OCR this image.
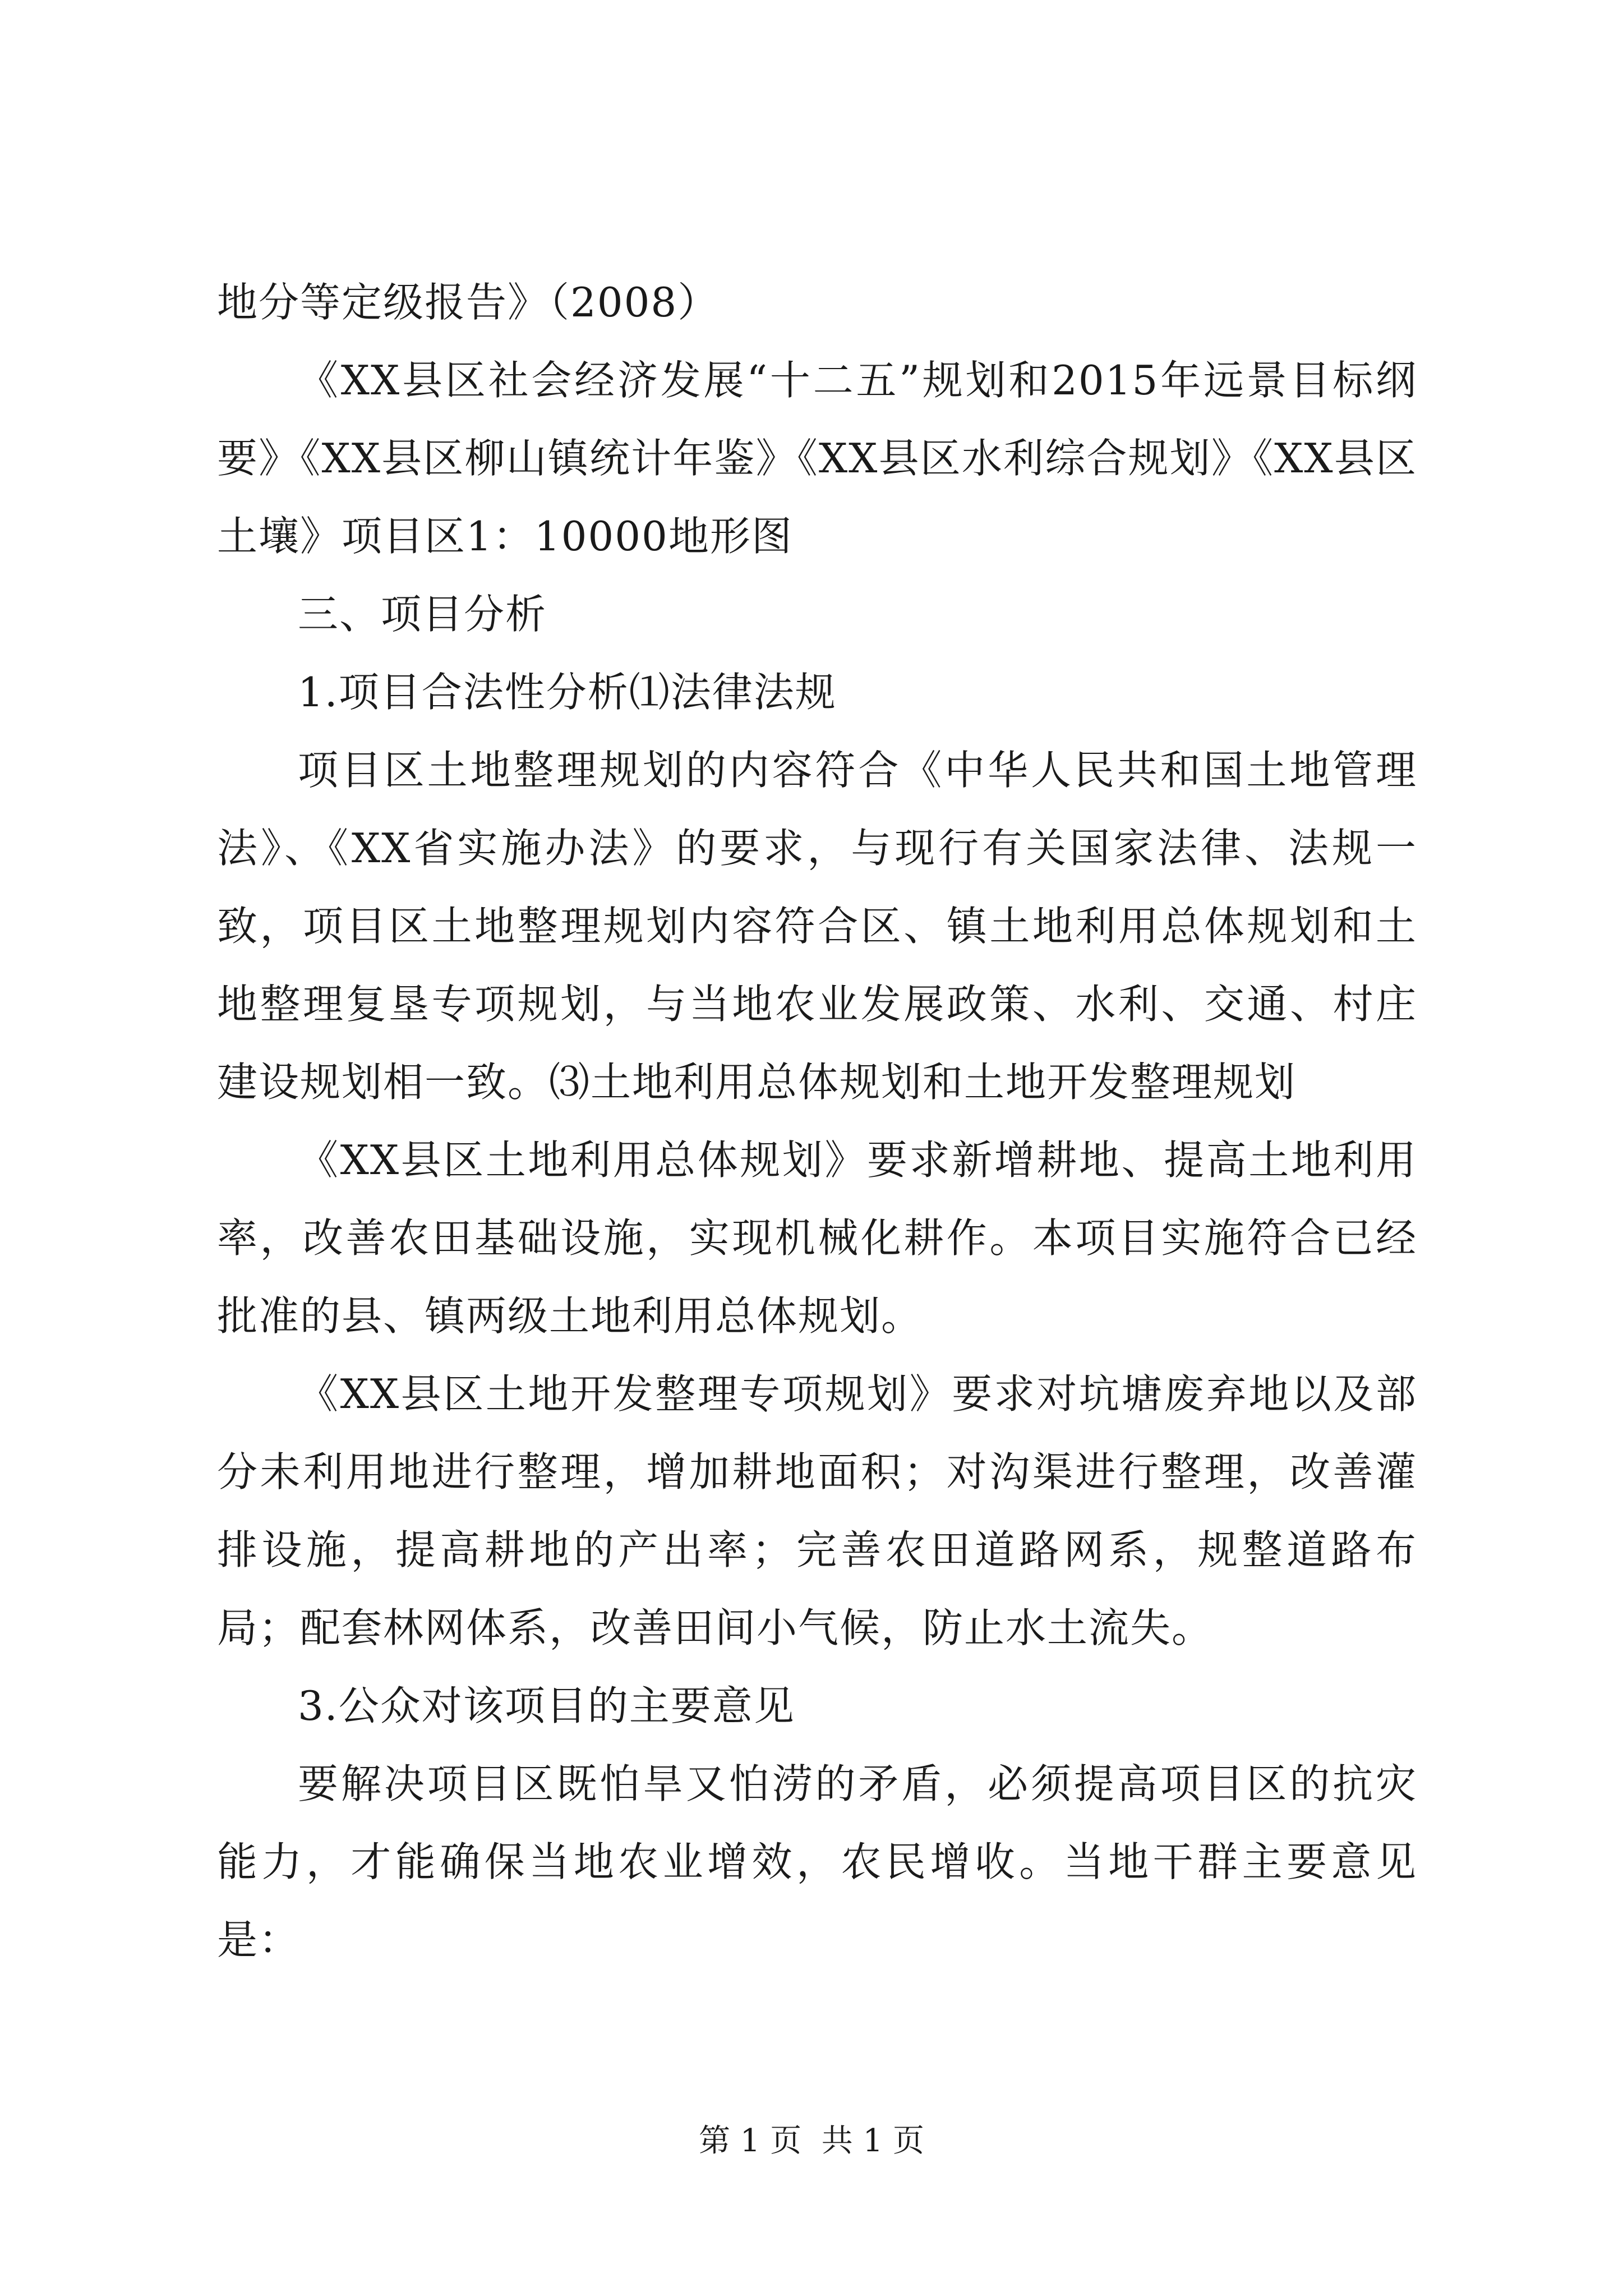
地分等定级报告》（2008）

《XX县区社会经济发展“十二五”规划和2015年远景目标纲要》《XX县区柳山镇统计年鉴》《XX县区水利综合规划》《XX县区土壤》项目区1：10000地形图

三、项目分析

1.项目合法性分析⑴法律法规

项目区土地整理规划的内容符合《中华人民共和国土地管理法》、《XX省实施办法》的要求，与现行有关国家法律、法规一致，项目区土地整理规划内容符合区、镇土地利用总体规划和土地整理复垦专项规划，与当地农业发展政策、水利、交通、村庄建设规划相一致。⑶土地利用总体规划和土地开发整理规划

《XX县区土地利用总体规划》要求新增耕地、提高土地利用率，改善农田基础设施，实现机械化耕作。本项目实施符合已经批准的县、镇两级土地利用总体规划。

《XX县区土地开发整理专项规划》要求对坑塘废弃地以及部分未利用地进行整理，增加耕地面积；对沟渠进行整理，改善灌排设施，提高耕地的产出率；完善农田道路网系，规整道路布局；配套林网体系，改善田间小气候，防止水土流失。

3.公众对该项目的主要意见

要解决项目区既怕旱又怕涝的矛盾，必须提高项目区的抗灾能力，才能确保当地农业增效，农民增收。当地干群主要意见是：

第 1 页  共 1 页
